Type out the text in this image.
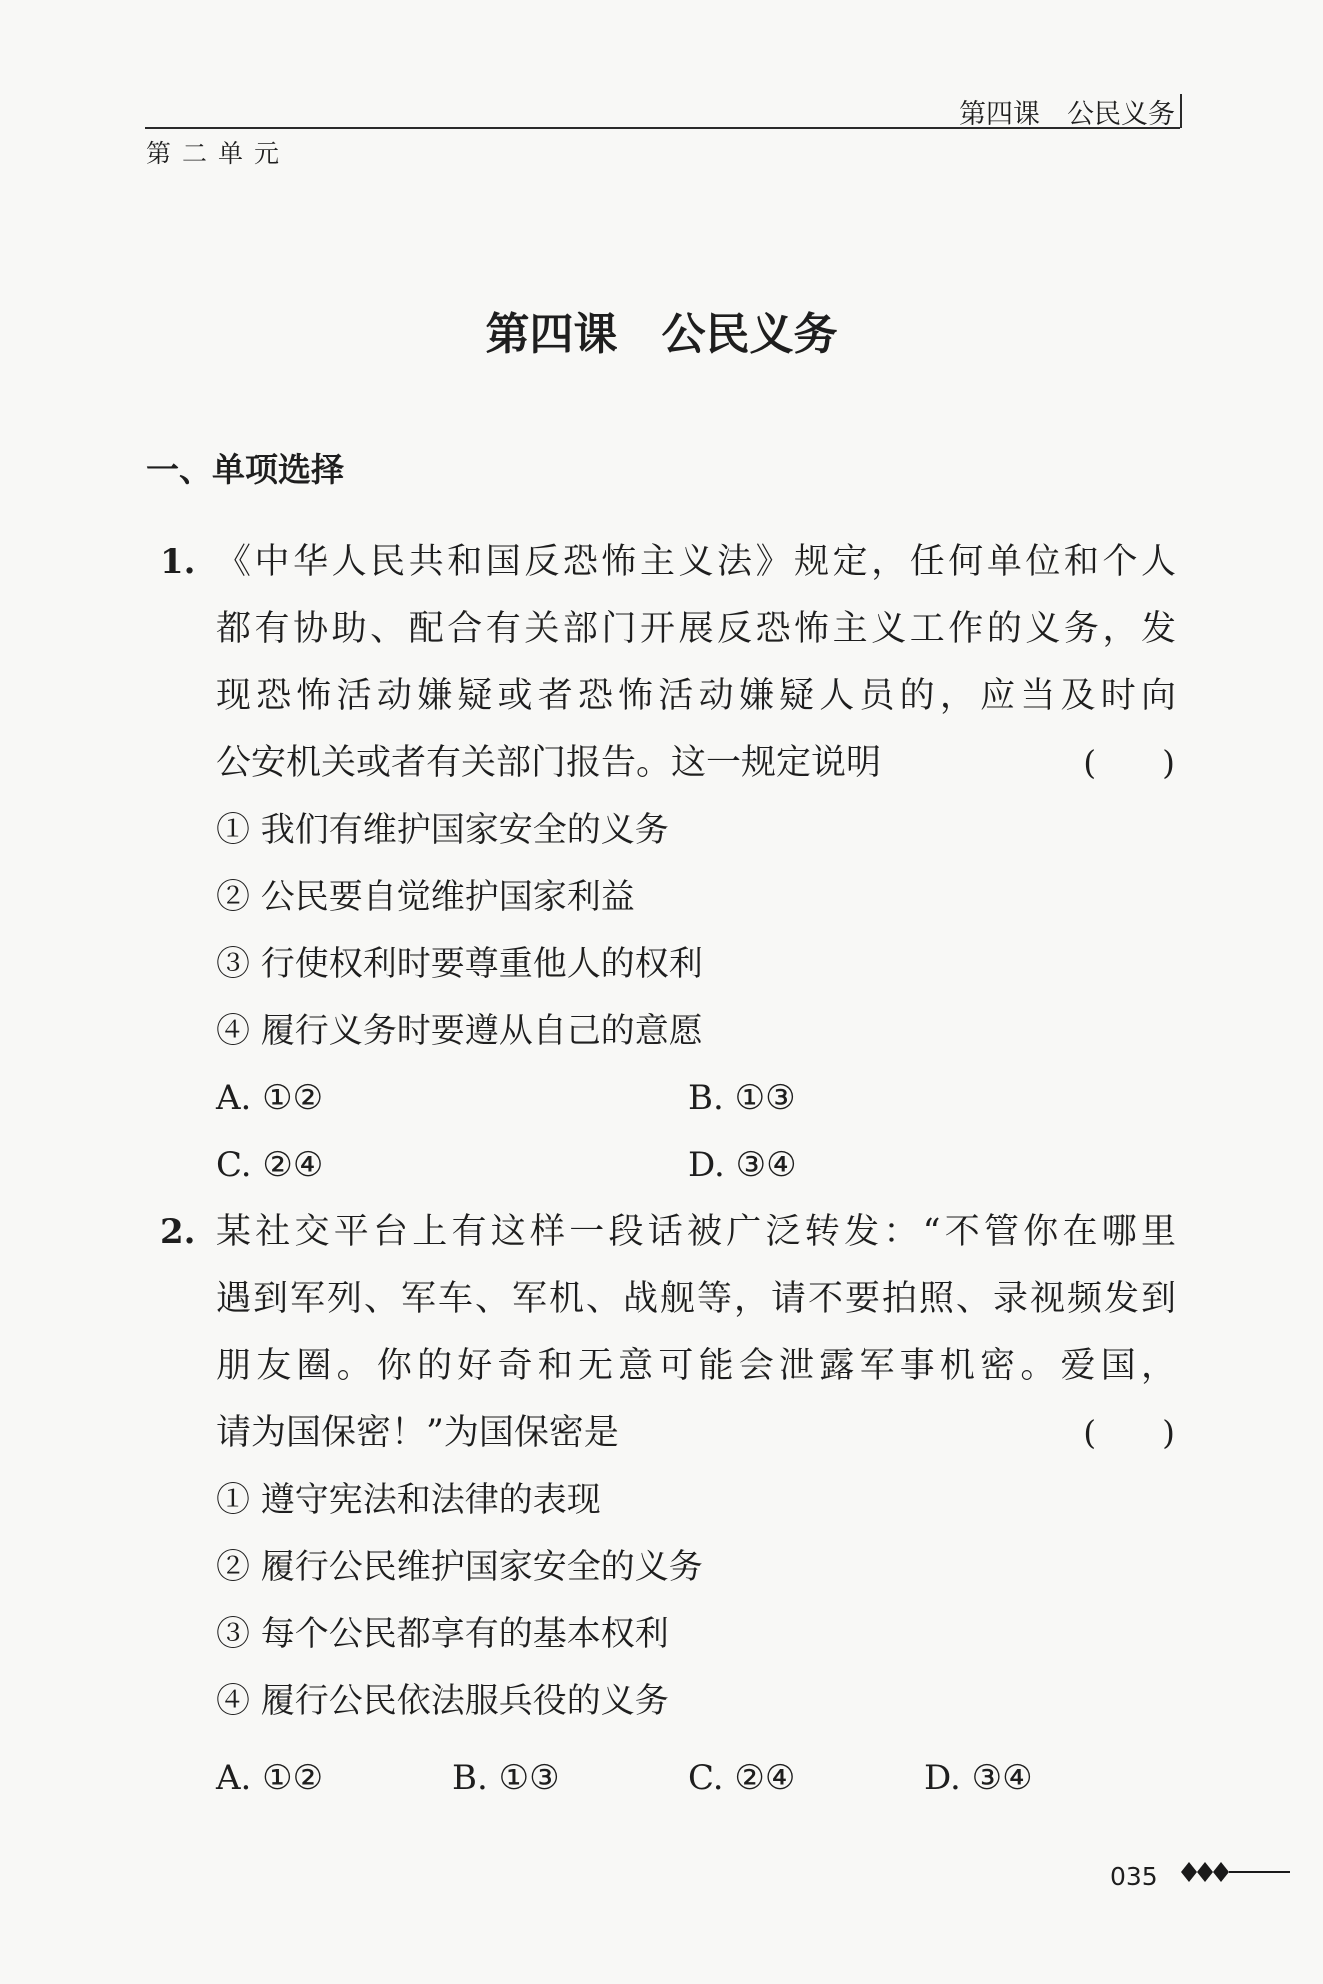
第四课　公民义务
第二单元
第四课　公民义务
一、单项选择
1. 《中华人民共和国反恐怖主义法》规定，任何单位和个人
都有协助、配合有关部门开展反恐怖主义工作的义务，发
现恐怖活动嫌疑或者恐怖活动嫌疑人员的，应当及时向
公安机关或者有关部门报告。这一规定说明	(　　)
① 我们有维护国家安全的义务
② 公民要自觉维护国家利益
③ 行使权利时要尊重他人的权利
④ 履行义务时要遵从自己的意愿
A. ①②	B. ①③
C. ②④	D. ③④
2. 某社交平台上有这样一段话被广泛转发：“不管你在哪里
遇到军列、军车、军机、战舰等，请不要拍照、录视频发到
朋友圈。你的好奇和无意可能会泄露军事机密。爱国，
请为国保密！”为国保密是	(　　)
① 遵守宪法和法律的表现
② 履行公民维护国家安全的义务
③ 每个公民都享有的基本权利
④ 履行公民依法服兵役的义务
A. ①②	B. ①③	C. ②④	D. ③④
035
